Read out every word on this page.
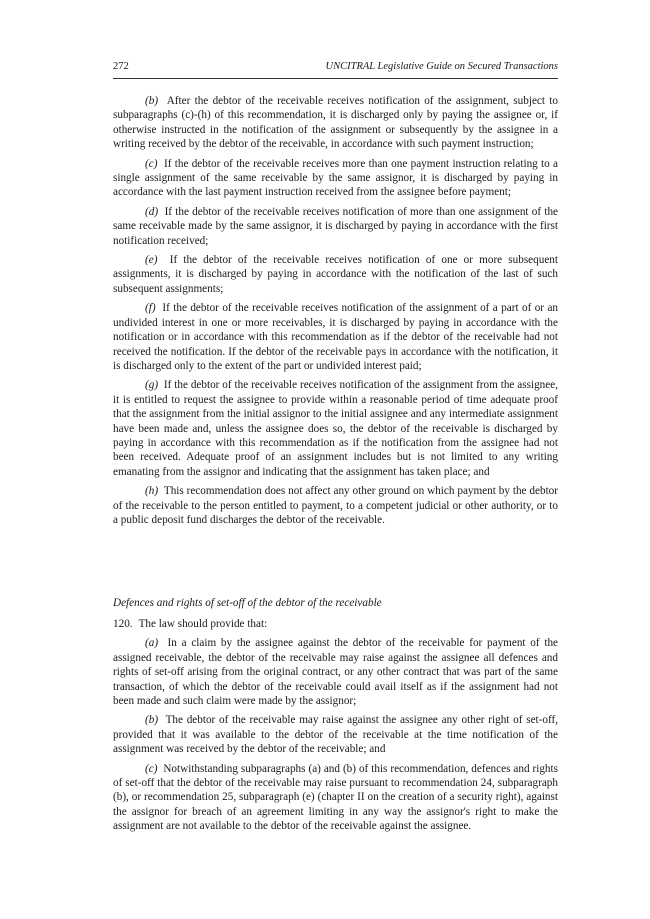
272	UNCITRAL Legislative Guide on Secured Transactions

(b) After the debtor of the receivable receives notification of the assignment, subject to subparagraphs (c)-(h) of this recommendation, it is discharged only by paying the assignee or, if otherwise instructed in the notification of the assignment or subsequently by the assignee in a writing received by the debtor of the receivable, in accordance with such payment instruction;

(c) If the debtor of the receivable receives more than one payment instruction relating to a single assignment of the same receivable by the same assignor, it is discharged by paying in accordance with the last payment instruction received from the assignee before payment;

(d) If the debtor of the receivable receives notification of more than one assignment of the same receivable made by the same assignor, it is discharged by paying in accordance with the first notification received;

(e) If the debtor of the receivable receives notification of one or more subsequent assignments, it is discharged by paying in accordance with the notification of the last of such subsequent assignments;

(f) If the debtor of the receivable receives notification of the assignment of a part of or an undivided interest in one or more receivables, it is discharged by paying in accordance with the notification or in accordance with this recommendation as if the debtor of the receivable had not received the notification. If the debtor of the receivable pays in accordance with the notification, it is discharged only to the extent of the part or undivided interest paid;

(g) If the debtor of the receivable receives notification of the assignment from the assignee, it is entitled to request the assignee to provide within a reasonable period of time adequate proof that the assignment from the initial assignor to the initial assignee and any intermediate assignment have been made and, unless the assignee does so, the debtor of the receivable is discharged by paying in accordance with this recommendation as if the notification from the assignee had not been received. Adequate proof of an assignment includes but is not limited to any writing emanating from the assignor and indicating that the assignment has taken place; and

(h) This recommendation does not affect any other ground on which payment by the debtor of the receivable to the person entitled to payment, to a competent judicial or other authority, or to a public deposit fund discharges the debtor of the receivable.

Defences and rights of set-off of the debtor of the receivable

120. The law should provide that:

(a) In a claim by the assignee against the debtor of the receivable for payment of the assigned receivable, the debtor of the receivable may raise against the assignee all defences and rights of set-off arising from the original contract, or any other contract that was part of the same transaction, of which the debtor of the receivable could avail itself as if the assignment had not been made and such claim were made by the assignor;

(b) The debtor of the receivable may raise against the assignee any other right of set-off, provided that it was available to the debtor of the receivable at the time notification of the assignment was received by the debtor of the receivable; and

(c) Notwithstanding subparagraphs (a) and (b) of this recommendation, defences and rights of set-off that the debtor of the receivable may raise pursuant to recommendation 24, subparagraph (b), or recommendation 25, subparagraph (e) (chapter II on the creation of a security right), against the assignor for breach of an agreement limiting in any way the assignor's right to make the assignment are not available to the debtor of the receivable against the assignee.
